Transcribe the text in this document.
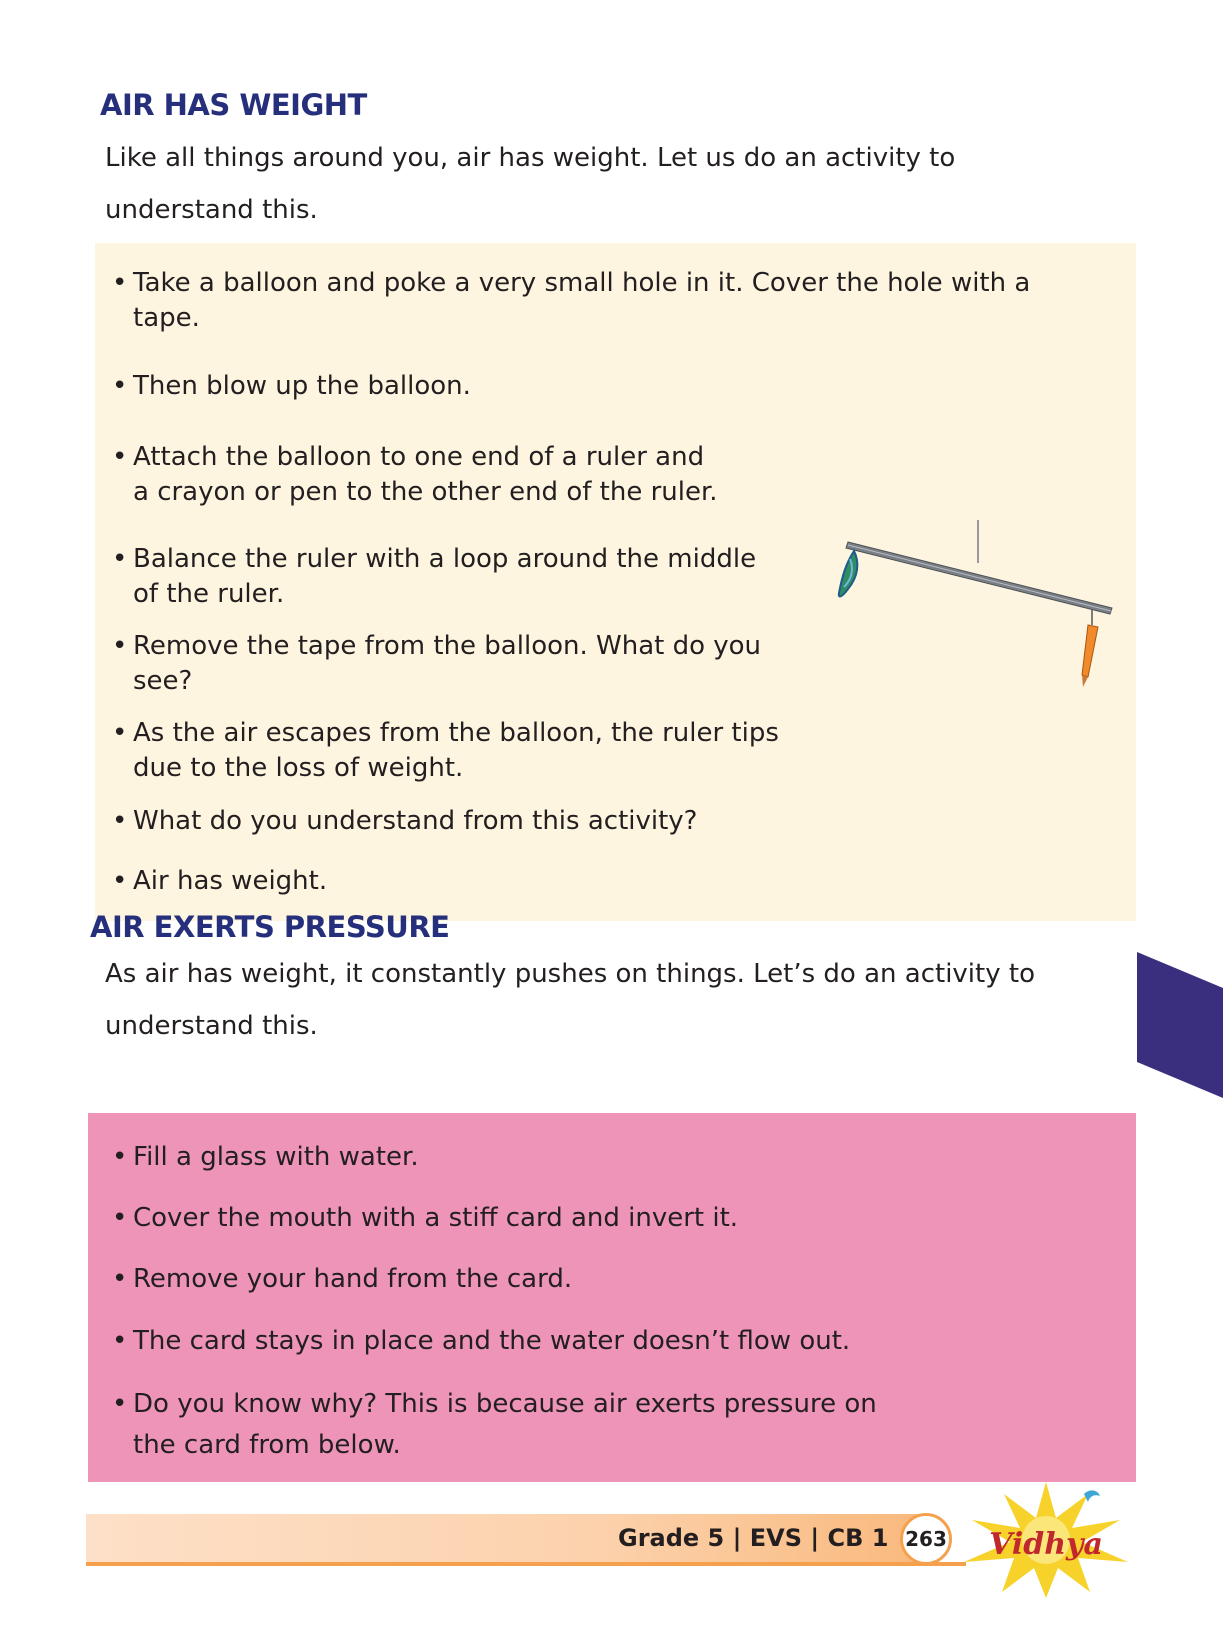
AIR HAS WEIGHT

Like all things around you, air has weight. Let us do an activity to

understand this.

• Take a balloon and poke a very small hole in it. Cover the hole with a
tape.
• Then blow up the balloon.
• Attach the balloon to one end of a ruler and
a crayon or pen to the other end of the ruler.
• Balance the ruler with a loop around the middle
of the ruler.
• Remove the tape from the balloon. What do you
see?
• As the air escapes from the balloon, the ruler tips
due to the loss of weight.
• What do you understand from this activity?
• Air has weight.
AIR EXERTS PRESSURE

As air has weight, it constantly pushes on things. Let’s do an activity to

understand this.

• Fill a glass with water.
• Cover the mouth with a stiff card and invert it.
• Remove your hand from the card.
• The card stays in place and the water doesn’t flow out.
• Do you know why? This is because air exerts pressure on
the card from below.
Grade 5 | EVS | CB 1 263 Vidhya
